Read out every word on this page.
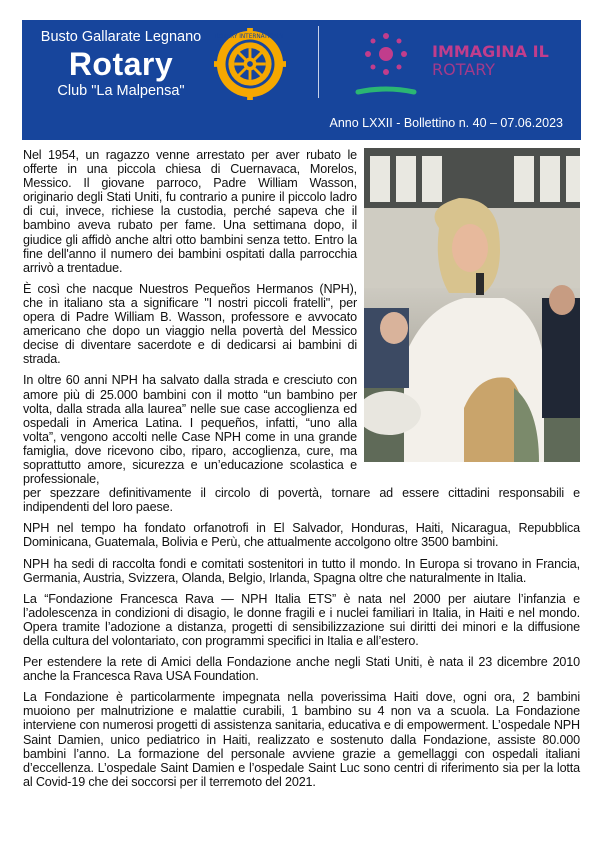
Busto Gallarate Legnano
Rotary
Club "La Malpensa"
ROTARY INTERNATIONAL
IMMAGINA IL
ROTARY
Anno LXXII - Bollettino n. 40 – 07.06.2023

Nel 1954, un ragazzo venne arrestato per aver rubato le offerte in una piccola chiesa di Cuernavaca, Morelos, Messico. Il giovane parroco, Padre William Wasson, originario degli Stati Uniti, fu contrario a punire il piccolo ladro di cui, invece, richiese la custodia, perché sapeva che il bambino aveva rubato per fame. Una settimana dopo, il giudice gli affidò anche altri otto bambini senza tetto. Entro la fine dell'anno il numero dei bambini ospitati dalla parrocchia arrivò a trentadue.

È così che nacque Nuestros Pequeños Hermanos (NPH), che in italiano sta a significare "I nostri piccoli fratelli", per opera di Padre William B. Wasson, professore e avvocato americano che dopo un viaggio nella povertà del Messico decise di diventare sacerdote e di dedicarsi ai bambini di strada.

In oltre 60 anni NPH ha salvato dalla strada e cresciuto con amore più di 25.000 bambini con il motto “un bambino per volta, dalla strada alla laurea” nelle sue case accoglienza ed ospedali in America Latina. I pequeños, infatti, “uno alla volta”, vengono accolti nelle Case NPH come in una grande famiglia, dove ricevono cibo, riparo, accoglienza, cure, ma soprattutto amore, sicurezza e un’educazione scolastica e professionale,

per spezzare definitivamente il circolo di povertà, tornare ad essere cittadini responsabili e indipendenti del loro paese.

NPH nel tempo ha fondato orfanotrofi in El Salvador, Honduras, Haiti, Nicaragua, Repubblica Dominicana, Guatemala, Bolivia e Perù, che attualmente accolgono oltre 3500 bambini.

NPH ha sedi di raccolta fondi e comitati sostenitori in tutto il mondo. In Europa si trovano in Francia, Germania, Austria, Svizzera, Olanda, Belgio, Irlanda, Spagna oltre che naturalmente in Italia.

La “Fondazione Francesca Rava — NPH Italia ETS” è nata nel 2000 per aiutare l’infanzia e l’adolescenza in condizioni di disagio, le donne fragili e i nuclei familiari in Italia, in Haiti e nel mondo. Opera tramite l’adozione a distanza, progetti di sensibilizzazione sui diritti dei minori e la diffusione della cultura del volontariato, con programmi specifici in Italia e all’estero.

Per estendere la rete di Amici della Fondazione anche negli Stati Uniti, è nata il 23 dicembre 2010 anche la Francesca Rava USA Foundation.

La Fondazione è particolarmente impegnata nella poverissima Haiti dove, ogni ora, 2 bambini muoiono per malnutrizione e malattie curabili, 1 bambino su 4 non va a scuola. La Fondazione interviene con numerosi progetti di assistenza sanitaria, educativa e di empowerment. L’ospedale NPH Saint Damien, unico pediatrico in Haiti, realizzato e sostenuto dalla Fondazione, assiste 80.000 bambini l’anno. La formazione del personale avviene grazie a gemellaggi con ospedali italiani d’eccellenza. L’ospedale Saint Damien e l’ospedale Saint Luc sono centri di riferimento sia per la lotta al Covid-19 che dei soccorsi per il terremoto del 2021.
